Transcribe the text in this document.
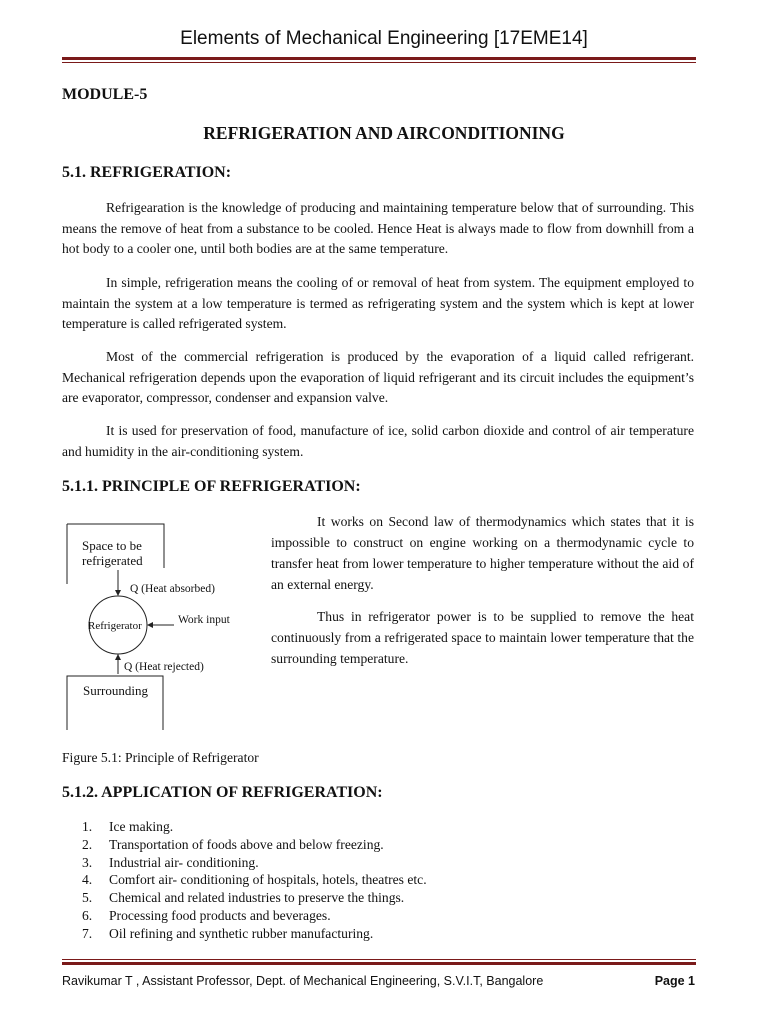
Elements of Mechanical Engineering [17EME14]
MODULE-5
REFRIGERATION AND AIRCONDITIONING
5.1. REFRIGERATION:

Refrigearation is the knowledge of producing and maintaining temperature below that of surrounding. This means the remove of heat from a substance to be cooled. Hence Heat is always made to flow from downhill from a hot body to a cooler one, until both bodies are at the same temperature.

In simple, refrigeration means the cooling of or removal of heat from system. The equipment employed to maintain the system at a low temperature is termed as refrigerating system and the system which is kept at lower temperature is called refrigerated system.

Most of the commercial refrigeration is produced by the evaporation of a liquid called refrigerant. Mechanical refrigeration depends upon the evaporation of liquid refrigerant and its circuit includes the equipment’s are evaporator, compressor, condenser and expansion valve.

It is used for preservation of food, manufacture of ice, solid carbon dioxide and control of air temperature and humidity in the air-conditioning system.

5.1.1. PRINCIPLE OF REFRIGERATION:
Space to be
refrigerated
Q (Heat absorbed)
Refrigerator	Work input
Q (Heat rejected)
Surrounding

It works on Second law of thermodynamics which states that it is impossible to construct on engine working on a thermodynamic cycle to transfer heat from lower temperature to higher temperature without the aid of an external energy.

Thus in refrigerator power is to be supplied to remove the heat continuously from a refrigerated space to maintain lower temperature that the surrounding temperature.

Figure 5.1: Principle of Refrigerator
5.1.2. APPLICATION OF REFRIGERATION:
1. Ice making.
2. Transportation of foods above and below freezing.
3. Industrial air- conditioning.
4. Comfort air- conditioning of hospitals, hotels, theatres etc.
5. Chemical and related industries to preserve the things.
6. Processing food products and beverages.
7. Oil refining and synthetic rubber manufacturing.
Ravikumar T , Assistant Professor, Dept. of Mechanical Engineering, S.V.I.T, Bangalore	Page 1
